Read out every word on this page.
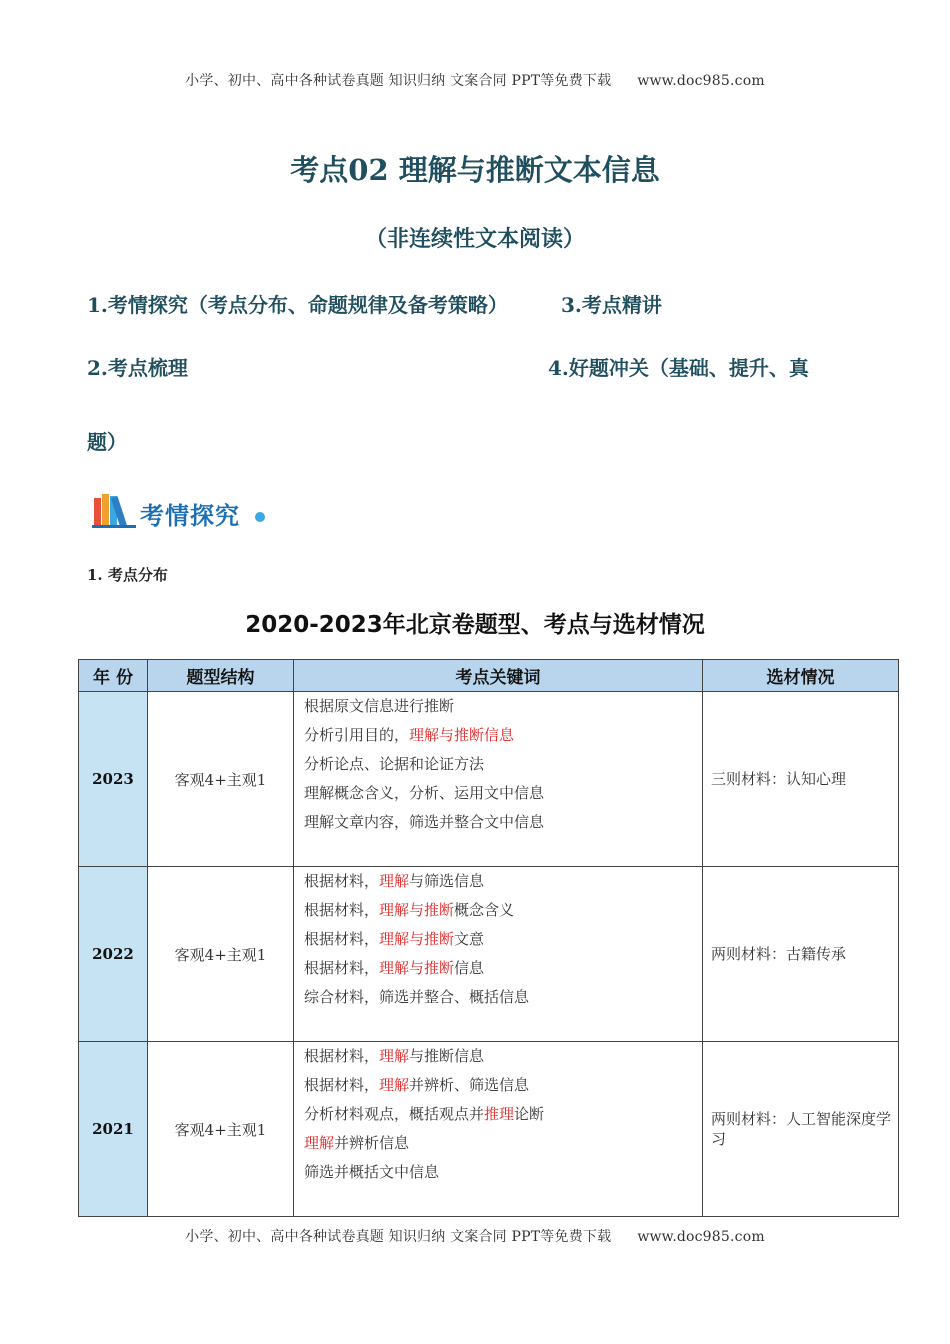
小学、初中、高中各种试卷真题 知识归纳 文案合同 PPT等免费下载 www.doc985.com
考点02 理解与推断文本信息
（非连续性文本阅读）
1.考情探究（考点分布、命题规律及备考策略）	3.考点精讲
2.考点梳理	4.好题冲关（基础、提升、真
题）
考情探究
1. 考点分布
2020-2023年北京卷题型、考点与选材情况
年 份	题型结构	考点关键词	选材情况
2023	客观4+主观1	根据原文信息进行推断
分析引用目的，理解与推断信息
分析论点、论据和论证方法
理解概念含义，分析、运用文中信息
理解文章内容，筛选并整合文中信息	三则材料：认知心理
2022	客观4+主观1	根据材料，理解与筛选信息
根据材料，理解与推断概念含义
根据材料，理解与推断文意
根据材料，理解与推断信息
综合材料，筛选并整合、概括信息	两则材料：古籍传承
2021	客观4+主观1	根据材料，理解与推断信息
根据材料，理解并辨析、筛选信息
分析材料观点，概括观点并推理论断
理解并辨析信息
筛选并概括文中信息	两则材料：人工智能深度学习
小学、初中、高中各种试卷真题 知识归纳 文案合同 PPT等免费下载 www.doc985.com
